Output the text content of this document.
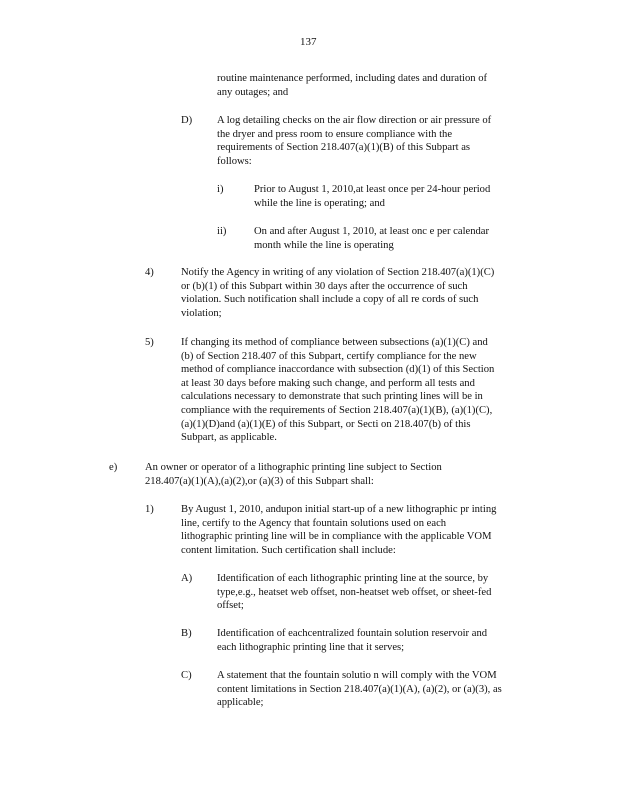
137
routine maintenance performed, including dates and duration of
any outages; and
D) A log detailing checks on the air flow direction or air pressure of
the dryer and press room to ensure compliance with the
requirements of Section 218.407(a)(1)(B) of this Subpart as
follows:
i)	Prior to August 1, 2010,at least once per 24-hour period
while the line is operating; and
ii)	On and after August 1, 2010, at least onc e per calendar
month while the line is operating
4)	Notify the Agency in writing of any violation of Section 218.407(a)(1)(C)
or (b)(1) of this Subpart within 30 days after the occurrence of such
violation. Such notification shall include a copy of all re cords of such
violation;
5)	If changing its method of compliance between subsections (a)(1)(C) and
(b) of Section 218.407 of this Subpart, certify compliance for the new
method of compliance inaccordance with subsection (d)(1) of this Section
at least 30 days before making such change, and perform all tests and
calculations necessary to demonstrate that such printing lines will be in
compliance with the requirements of Section 218.407(a)(1)(B), (a)(1)(C),
(a)(1)(D)and (a)(1)(E) of this Subpart, or Secti on 218.407(b) of this
Subpart, as applicable.
e)	An owner or operator of a lithographic printing line subject to Section
218.407(a)(1)(A),(a)(2),or (a)(3) of this Subpart shall:
1)	By August 1, 2010, andupon initial start-up of a new lithographic pr inting
line, certify to the Agency that fountain solutions used on each
lithographic printing line will be in compliance with the applicable VOM
content limitation. Such certification shall include:
A) Identification of each lithographic printing line at the source, by
type,e.g., heatset web offset, non-heatset web offset, or sheet-fed
offset;
B) Identification of eachcentralized fountain solution reservoir and
each lithographic printing line that it serves;
C) A statement that the fountain solutio n will comply with the VOM
content limitations in Section 218.407(a)(1)(A), (a)(2), or (a)(3), as
applicable;
